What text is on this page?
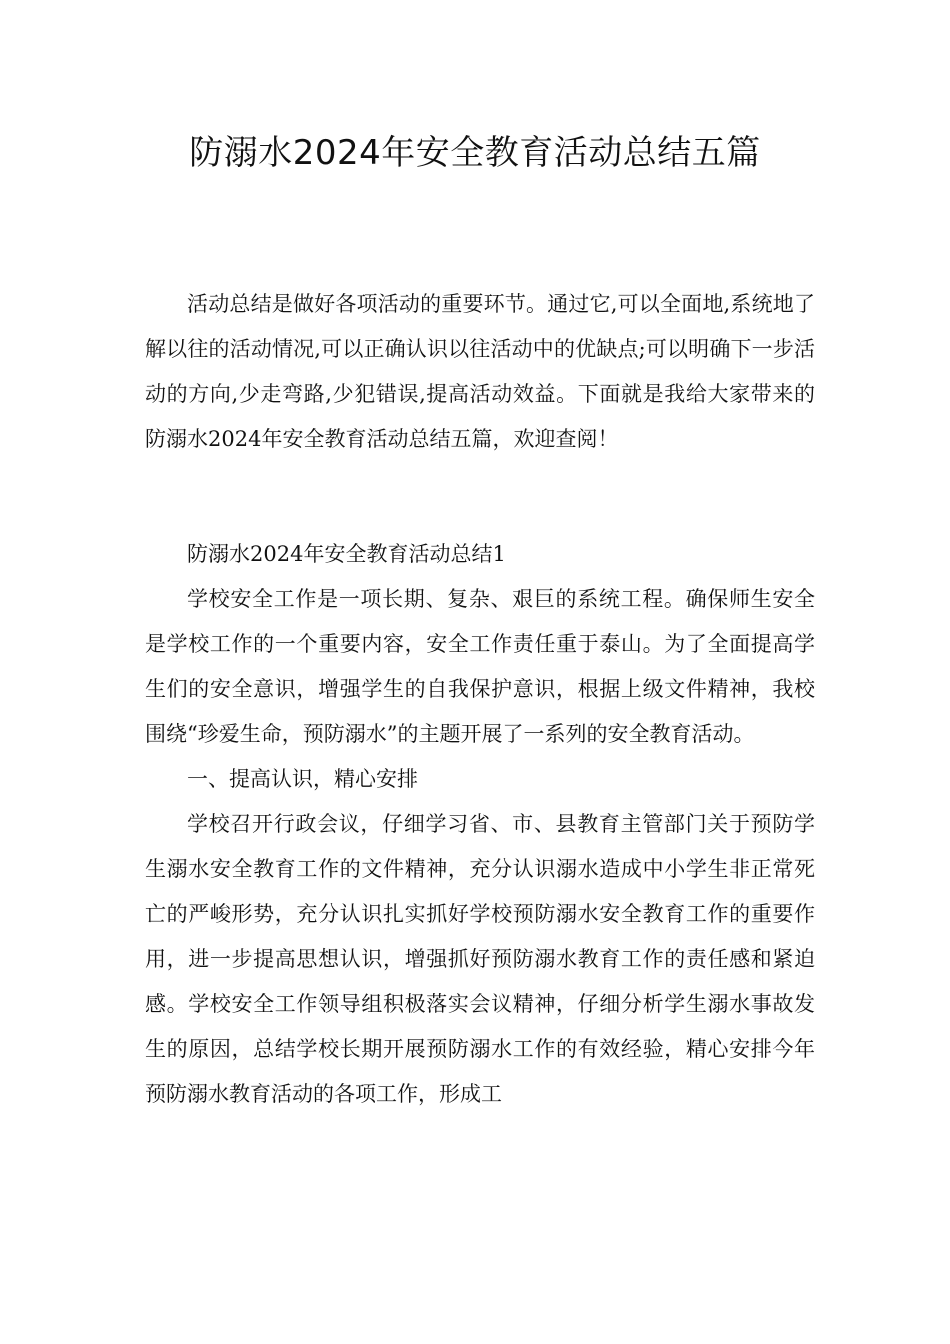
防溺水2024年安全教育活动总结五篇

活动总结是做好各项活动的重要环节。通过它,可以全面地,系统地了解以往的活动情况,可以正确认识以往活动中的优缺点;可以明确下一步活动的方向,少走弯路,少犯错误,提高活动效益。下面就是我给大家带来的防溺水2024年安全教育活动总结五篇，欢迎查阅！

防溺水2024年安全教育活动总结1

学校安全工作是一项长期、复杂、艰巨的系统工程。确保师生安全是学校工作的一个重要内容，安全工作责任重于泰山。为了全面提高学生们的安全意识，增强学生的自我保护意识，根据上级文件精神，我校围绕“珍爱生命，预防溺水”的主题开展了一系列的安全教育活动。

一、提高认识，精心安排

学校召开行政会议，仔细学习省、市、县教育主管部门关于预防学生溺水安全教育工作的文件精神，充分认识溺水造成中小学生非正常死亡的严峻形势，充分认识扎实抓好学校预防溺水安全教育工作的重要作用，进一步提高思想认识，增强抓好预防溺水教育工作的责任感和紧迫感。学校安全工作领导组积极落实会议精神，仔细分析学生溺水事故发生的原因，总结学校长期开展预防溺水工作的有效经验，精心安排今年预防溺水教育活动的各项工作，形成工
